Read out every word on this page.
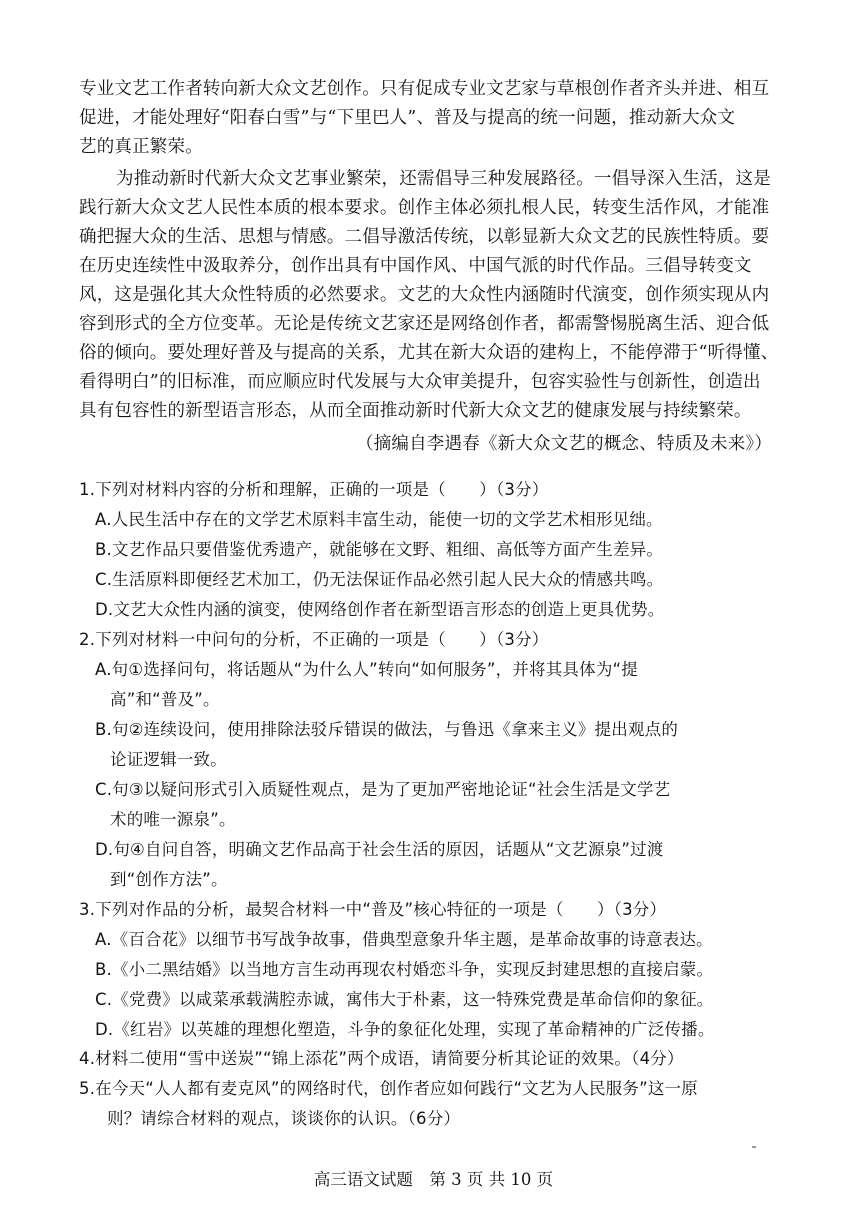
专业文艺工作者转向新大众文艺创作。只有促成专业文艺家与草根创作者齐头并进、相互

促进，才能处理好“阳春白雪”与“下里巴人”、普及与提高的统一问题，推动新大众文

艺的真正繁荣。

为推动新时代新大众文艺事业繁荣，还需倡导三种发展路径。一倡导深入生活，这是

践行新大众文艺人民性本质的根本要求。创作主体必须扎根人民，转变生活作风，才能准

确把握大众的生活、思想与情感。二倡导激活传统，以彰显新大众文艺的民族性特质。要

在历史连续性中汲取养分，创作出具有中国作风、中国气派的时代作品。三倡导转变文

风，这是强化其大众性特质的必然要求。文艺的大众性内涵随时代演变，创作须实现从内

容到形式的全方位变革。无论是传统文艺家还是网络创作者，都需警惕脱离生活、迎合低

俗的倾向。要处理好普及与提高的关系，尤其在新大众语的建构上，不能停滞于“听得懂、

看得明白”的旧标准，而应顺应时代发展与大众审美提升，包容实验性与创新性，创造出

具有包容性的新型语言形态，从而全面推动新时代新大众文艺的健康发展与持续繁荣。

（摘编自李遇春《新大众文艺的概念、特质及未来》）

1.下列对材料内容的分析和理解，正确的一项是（　　）（3分）

A.人民生活中存在的文学艺术原料丰富生动，能使一切的文学艺术相形见绌。

B.文艺作品只要借鉴优秀遗产，就能够在文野、粗细、高低等方面产生差异。

C.生活原料即便经艺术加工，仍无法保证作品必然引起人民大众的情感共鸣。

D.文艺大众性内涵的演变，使网络创作者在新型语言形态的创造上更具优势。

2.下列对材料一中问句的分析，不正确的一项是（　　）（3分）

A.句①选择问句，将话题从“为什么人”转向“如何服务”，并将其具体为“提

高”和“普及”。

B.句②连续设问，使用排除法驳斥错误的做法，与鲁迅《拿来主义》提出观点的

论证逻辑一致。

C.句③以疑问形式引入质疑性观点，是为了更加严密地论证“社会生活是文学艺

术的唯一源泉”。

D.句④自问自答，明确文艺作品高于社会生活的原因，话题从“文艺源泉”过渡

到“创作方法”。

3.下列对作品的分析，最契合材料一中“普及”核心特征的一项是（　　）（3分）

A.《百合花》以细节书写战争故事，借典型意象升华主题，是革命故事的诗意表达。

B.《小二黑结婚》以当地方言生动再现农村婚恋斗争，实现反封建思想的直接启蒙。

C.《党费》以咸菜承载满腔赤诚，寓伟大于朴素，这一特殊党费是革命信仰的象征。

D.《红岩》以英雄的理想化塑造，斗争的象征化处理，实现了革命精神的广泛传播。

4.材料二使用“雪中送炭”“锦上添花”两个成语，请简要分析其论证的效果。（4分）

5.在今天“人人都有麦克风”的网络时代，创作者应如何践行“文艺为人民服务”这一原

则？请综合材料的观点，谈谈你的认识。（6分）

高三语文试题　第 3 页 共 10 页
